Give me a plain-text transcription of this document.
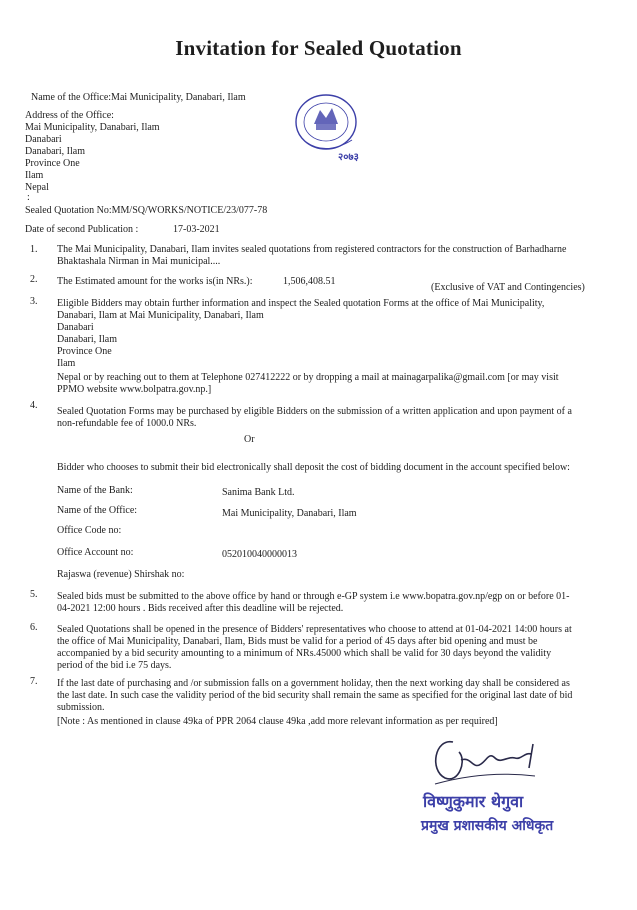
Invitation for Sealed Quotation
Name of the Office:Mai Municipality, Danabari, Ilam
Address of the Office:
Mai Municipality, Danabari, Ilam
Danabari
Danabari, Ilam
Province One
Ilam
Nepal
:
Sealed Quotation No:MM/SQ/WORKS/NOTICE/23/077-78
Date of second Publication :	17-03-2021
२०७३
1. The Mai Municipality, Danabari, Ilam invites sealed quotations from registered contractors for the construction of Barhadharne
Bhaktashala Nirman in Mai municipal....
2. The Estimated amount for the works is(in NRs.):	1,506,408.51
(Exclusive of VAT and Contingencies)
3. Eligible Bidders may obtain further information and inspect the Sealed quotation Forms at the office of Mai Municipality,
Danabari, Ilam at Mai Municipality, Danabari, Ilam
Danabari
Danabari, Ilam
Province One
Ilam
Nepal or by reaching out to them at Telephone 027412222 or by dropping a mail at mainagarpalika@gmail.com [or may visit
PPMO website www.bolpatra.gov.np.]
4.
Sealed Quotation Forms may be purchased by eligible Bidders on the submission of a written application and upon payment of a
non-refundable fee of 1000.0 NRs.
Or
Bidder who chooses to submit their bid electronically shall deposit the cost of bidding document in the account specified below:
Name of the Bank:	Sanima Bank Ltd.
Name of the Office:	Mai Municipality, Danabari, Ilam
Office Code no:
Office Account no:	052010040000013
Rajaswa (revenue) Shirshak no:
5. Sealed bids must be submitted to the above office by hand or through e-GP system i.e www.bopatra.gov.np/egp on or before 01-
04-2021 12:00 hours . Bids received after this deadline will be rejected.
6. Sealed Quotations shall be opened in the presence of Bidders' representatives who choose to attend at 01-04-2021 14:00 hours at
the office of Mai Municipality, Danabari, Ilam, Bids must be valid for a period of 45 days after bid opening and must be
accompanied by a bid security amounting to a minimum of NRs.45000 which shall be valid for 30 days beyond the validity
period of the bid i.e 75 days.
7. If the last date of purchasing and /or submission falls on a government holiday, then the next working day shall be considered as
the last date. In such case the validity period of the bid security shall remain the same as specified for the original last date of bid
submission.
[Note : As mentioned in clause 49ka of PPR 2064 clause 49ka ,add more relevant information as per required]
विष्णुकुमार थेगुवा
प्रमुख प्रशासकीय अधिकृत
